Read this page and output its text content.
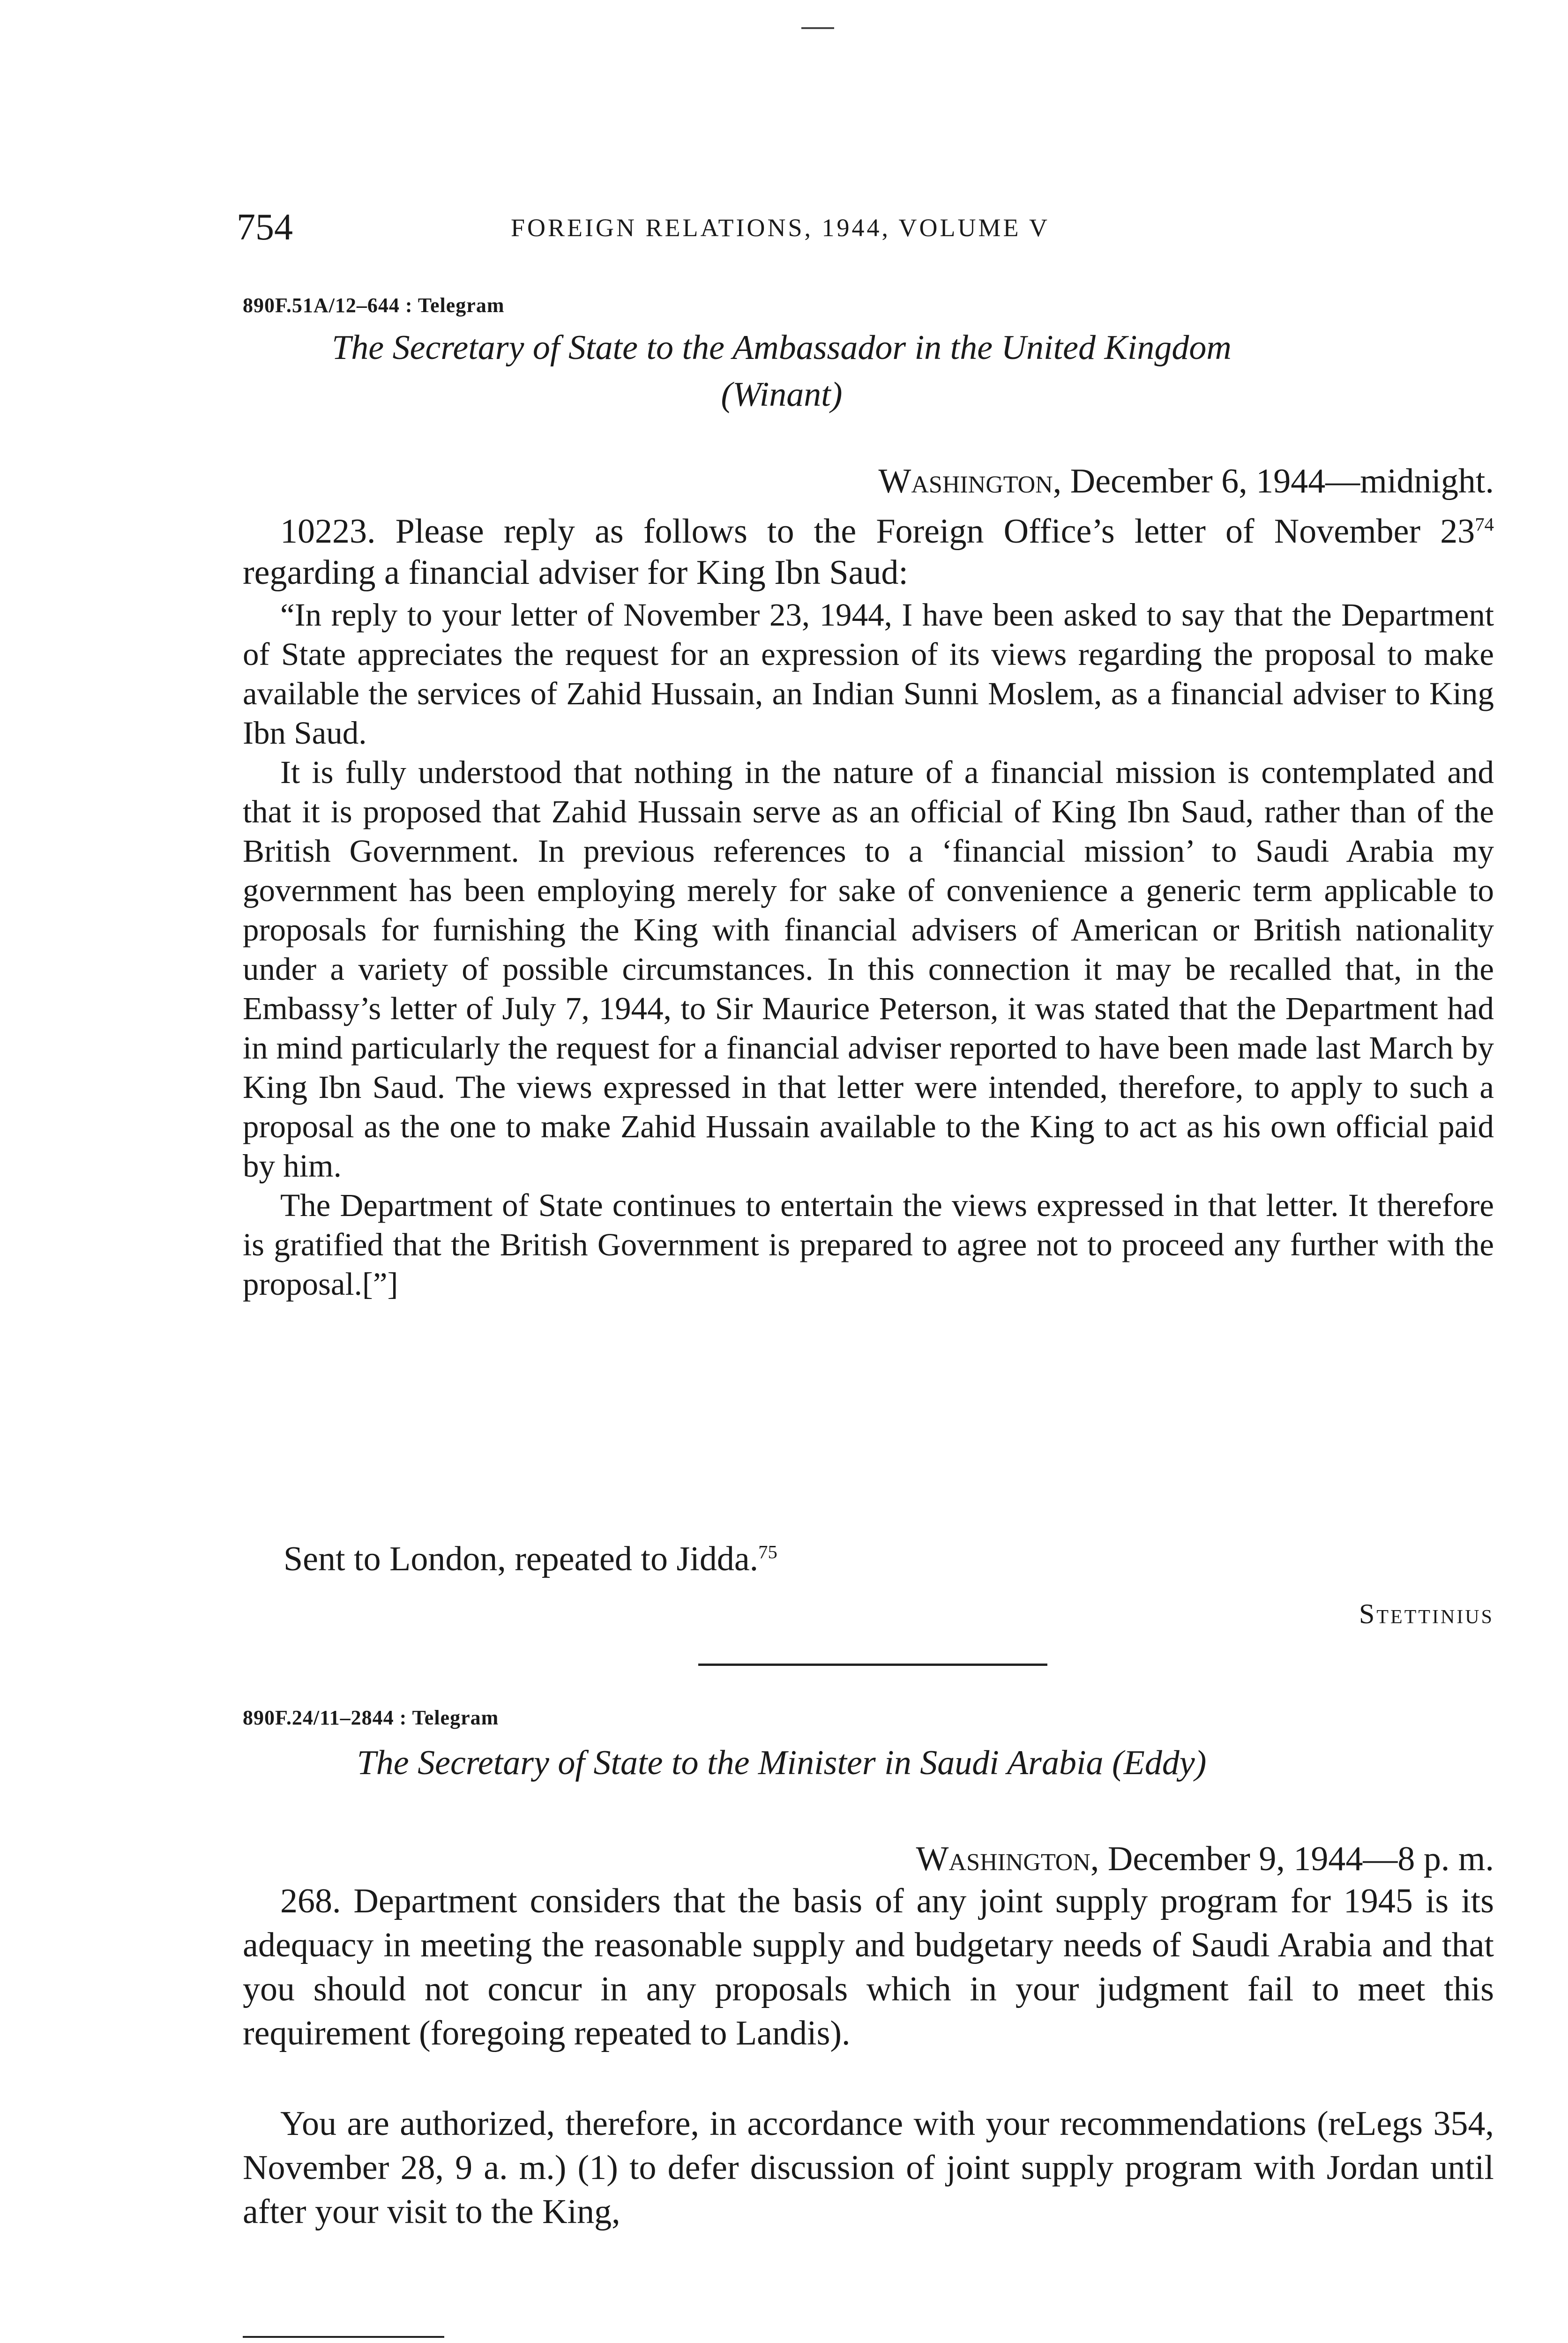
754	FOREIGN RELATIONS, 1944, VOLUME V
890F.51A/12–644 : Telegram
The Secretary of State to the Ambassador in the United Kingdom
(Winant)
Washington, December 6, 1944—midnight.

10223. Please reply as follows to the Foreign Office’s letter of November $23^{74}$ regarding a financial adviser for King Ibn Saud:

“In reply to your letter of November 23, 1944, I have been asked to say that the Department of State appreciates the request for an expression of its views regarding the proposal to make available the services of Zahid Hussain, an Indian Sunni Moslem, as a financial adviser to King Ibn Saud.

It is fully understood that nothing in the nature of a financial mission is contemplated and that it is proposed that Zahid Hussain serve as an official of King Ibn Saud, rather than of the British Government. In previous references to a ‘financial mission’ to Saudi Arabia my government has been employing merely for sake of convenience a generic term applicable to proposals for furnishing the King with financial advisers of American or British nationality under a variety of possible circumstances. In this connection it may be recalled that, in the Embassy’s letter of July 7, 1944, to Sir Maurice Peterson, it was stated that the Department had in mind particularly the request for a financial adviser reported to have been made last March by King Ibn Saud. The views expressed in that letter were intended, therefore, to apply to such a proposal as the one to make Zahid Hussain available to the King to act as his own official paid by him.

The Department of State continues to entertain the views expressed in that letter. It therefore is gratified that the British Government is prepared to agree not to proceed any further with the proposal.[”]

Sent to London, repeated to Jidda.$^{75}$
Stettinius
890F.24/11–2844 : Telegram
The Secretary of State to the Minister in Saudi Arabia (Eddy)
Washington, December 9, 1944—8 p. m.

268. Department considers that the basis of any joint supply program for 1945 is its adequacy in meeting the reasonable supply and budgetary needs of Saudi Arabia and that you should not concur in any proposals which in your judgment fail to meet this requirement (foregoing repeated to Landis).

You are authorized, therefore, in accordance with your recommendations (reLegs 354, November 28, 9 a. m.) (1) to defer discussion of joint supply program with Jordan until after your visit to the King,
